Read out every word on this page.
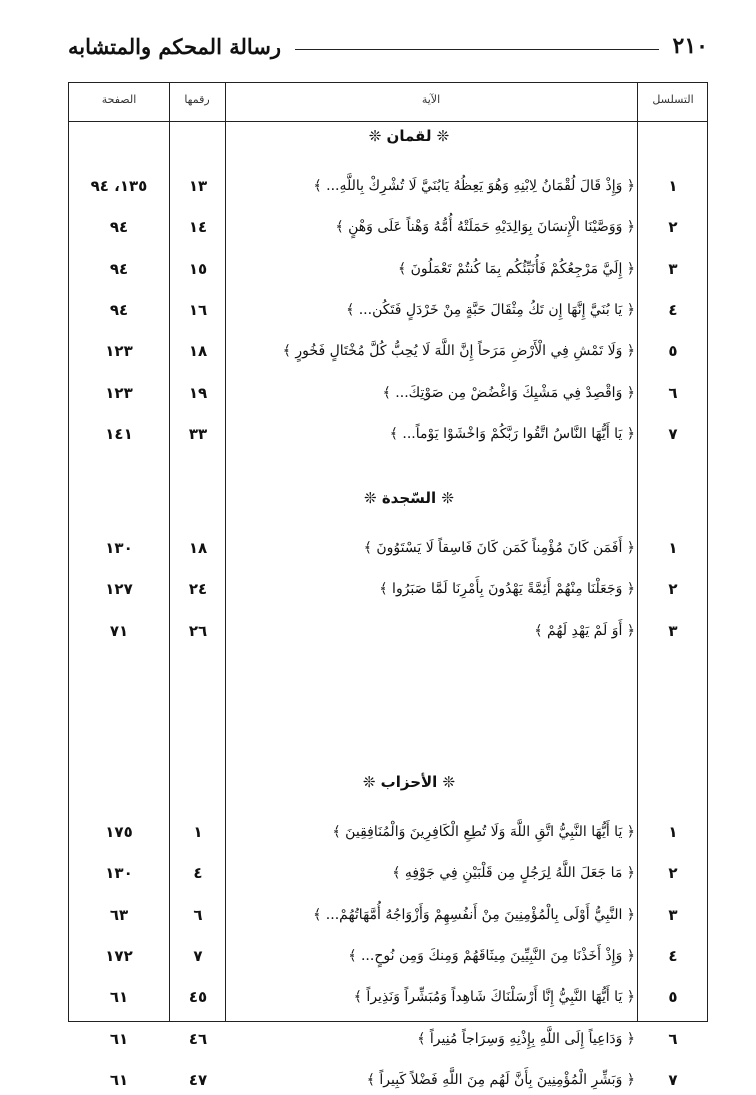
٢١٠
رسالة المحكم والمتشابه
التسلسل
الآية
رقمها
الصفحة
❊ لقمان ❊
١
﴿ وَإِذْ قَالَ لُقْمَانُ لِابْنِهِ وَهُوَ يَعِظُهُ يَابُنَيَّ لَا تُشْرِكْ بِاللَّهِ... ﴾
١٣
١٣٥، ٩٤
٢
﴿ وَوَصَّيْنَا الْإِنسَانَ بِوَالِدَيْهِ حَمَلَتْهُ أُمُّهُ وَهْناً عَلَى وَهْنٍ ﴾
١٤
٩٤
٣
﴿ إِلَيَّ مَرْجِعُكُمْ فَأُنَبِّئُكُم بِمَا كُنتُمْ تَعْمَلُونَ ﴾
١٥
٩٤
٤
﴿ يَا بُنَيَّ إِنَّهَا إِن تَكُ مِثْقَالَ حَبَّةٍ مِنْ خَرْدَلٍ فَتَكُن... ﴾
١٦
٩٤
٥
﴿ وَلَا تَمْشِ فِي الْأَرْضِ مَرَحاً إِنَّ اللَّهَ لَا يُحِبُّ كُلَّ مُخْتَالٍ فَخُورٍ ﴾
١٨
١٢٣
٦
﴿ وَاقْصِدْ فِي مَشْيِكَ وَاغْضُضْ مِن صَوْتِكَ... ﴾
١٩
١٢٣
٧
﴿ يَا أَيُّهَا النَّاسُ اتَّقُوا رَبَّكُمْ وَاخْشَوْا يَوْماً... ﴾
٣٣
١٤١
❊ السّجدة ❊
١
﴿ أَفَمَن كَانَ مُؤْمِناً كَمَن كَانَ فَاسِقاً لَا يَسْتَوُونَ ﴾
١٨
١٣٠
٢
﴿ وَجَعَلْنَا مِنْهُمْ أَئِمَّةً يَهْدُونَ بِأَمْرِنَا لَمَّا صَبَرُوا ﴾
٢٤
١٢٧
٣
﴿ أَوَ لَمْ يَهْدِ لَهُمْ ﴾
٢٦
٧١
❊ الأحزاب ❊
١
﴿ يَا أَيُّهَا النَّبِيُّ اتَّقِ اللَّهَ وَلَا تُطِعِ الْكَافِرِينَ وَالْمُنَافِقِينَ ﴾
١
١٧٥
٢
﴿ مَا جَعَلَ اللَّهُ لِرَجُلٍ مِن قَلْبَيْنِ فِي جَوْفِهِ ﴾
٤
١٣٠
٣
﴿ النَّبِيُّ أَوْلَى بِالْمُؤْمِنِينَ مِنْ أَنفُسِهِمْ وَأَزْوَاجُهُ أُمَّهَاتُهُمْ... ﴾
٦
٦٣
٤
﴿ وَإِذْ أَخَذْنَا مِنَ النَّبِيِّينَ مِيثَاقَهُمْ وَمِنكَ وَمِن نُوحٍ... ﴾
٧
١٧٢
٥
﴿ يَا أَيُّهَا النَّبِيُّ إِنَّا أَرْسَلْنَاكَ شَاهِداً وَمُبَشِّراً وَنَذِيراً ﴾
٤٥
٦١
٦
﴿ وَدَاعِياً إِلَى اللَّهِ بِإِذْنِهِ وَسِرَاجاً مُنِيراً ﴾
٤٦
٦١
٧
﴿ وَبَشِّرِ الْمُؤْمِنِينَ بِأَنَّ لَهُم مِنَ اللَّهِ فَضْلاً كَبِيراً ﴾
٤٧
٦١
